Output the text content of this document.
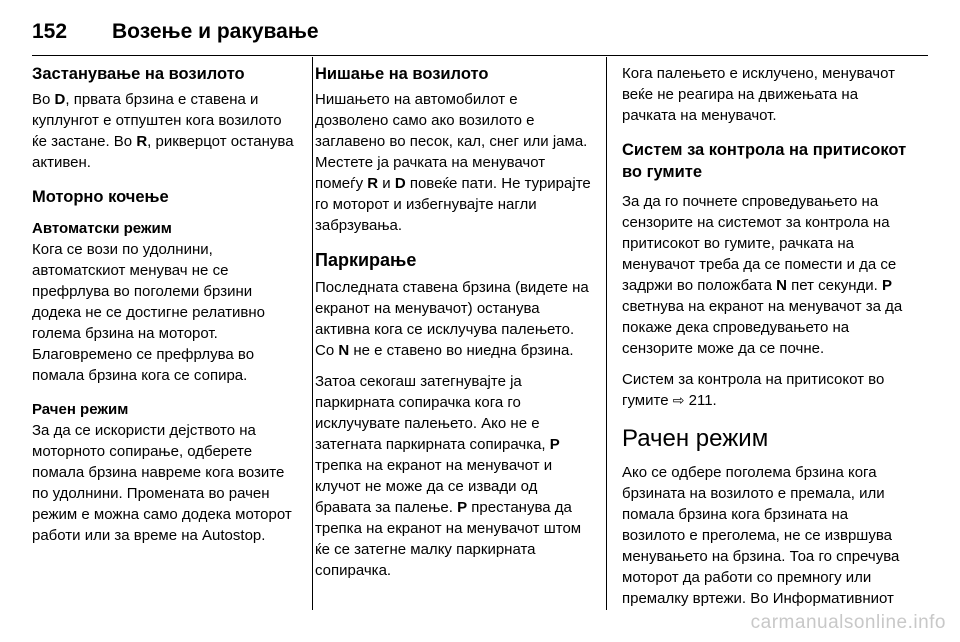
152	Возење и ракување
Застанување на возилото

Во D, првата брзина е ставена и куплунгот е отпуштен кога возилото ќе застане. Во R, рикверцот останува активен.

Моторно кочење
Автоматски режим

Кога се вози по удолнини, автоматскиот менувач не се префрлува во поголеми брзини додека не се достигне релативно голема брзина на моторот. Благовремено се префрлува во помала брзина кога се сопира.

Рачен режим

За да се искористи дејството на моторното сопирање, одберете помала брзина навреме кога возите по удолнини. Промената во рачен режим е можна само додека моторот работи или за време на Autostop.

Нишање на возилото

Нишањето на автомобилот е дозволено само ако возилото е заглавено во песок, кал, снег или јама. Местете ја рачката на менувачот помеѓу R и D повеќе пати. Не турирајте го моторот и избегнувајте нагли забрзувања.

Паркирање

Последната ставена брзина (видете на екранот на менувачот) останува активна кога се исклучува палењето. Со N не е ставено во ниедна брзина.

Затоа секогаш затегнувајте ја паркирната сопирачка кога го исклучувате палењето. Ако не е затегната паркирната сопирачка, P трепка на екранот на менувачот и клучот не може да се извади од бравата за палење. P престанува да трепка на екранот на менувачот штом ќе се затегне малку паркирната сопирачка.

Кога палењето е исклучено, менувачот веќе не реагира на движењата на рачката на менувачот.

Систем за контрола на притисокот во гумите

За да го почнете спроведувањето на сензорите на системот за контрола на притисокот во гумите, рачката на менувачот треба да се помести и да се задржи во положбата N пет секунди. P светнува на екранот на менувачот за да покаже дека спроведувањето на сензорите може да се почне.

Систем за контрола на притисокот во гумите ⇨ 211.

Рачен режим

Ако се одбере поголема брзина кога брзината на возилото е премала, или помала брзина кога брзината на возилото е преголема, не се извршува менувањето на брзина. Тоа го спречува моторот да работи со премногу или премалку вртежи. Во Информативниот

carmanualsonline.info
